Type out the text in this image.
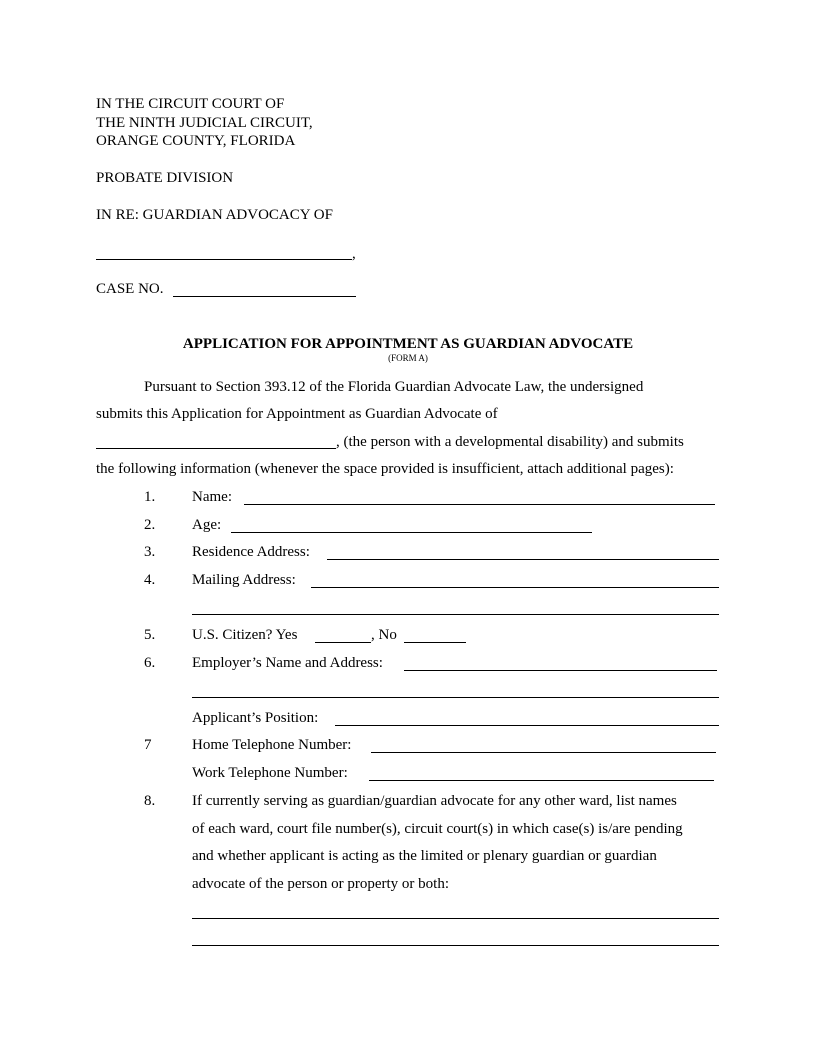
IN THE CIRCUIT COURT OF
THE NINTH JUDICIAL CIRCUIT,
ORANGE COUNTY, FLORIDA
PROBATE DIVISION
IN RE: GUARDIAN ADVOCACY OF
,
CASE NO.
APPLICATION FOR APPOINTMENT AS GUARDIAN ADVOCATE
(FORM A)
Pursuant to Section 393.12 of the Florida Guardian Advocate Law, the undersigned
submits this Application for Appointment as Guardian Advocate of
, (the person with a developmental disability) and submits
the following information (whenever the space provided is insufficient, attach additional pages):
1. Name:
2. Age:
3. Residence Address:
4. Mailing Address:
5. U.S. Citizen? Yes	, No
6. Employer’s Name and Address:
Applicant’s Position:
7	Home Telephone Number:
Work Telephone Number:
8. If currently serving as guardian/guardian advocate for any other ward, list names
of each ward, court file number(s), circuit court(s) in which case(s) is/are pending
and whether applicant is acting as the limited or plenary guardian or guardian
advocate of the person or property or both:
